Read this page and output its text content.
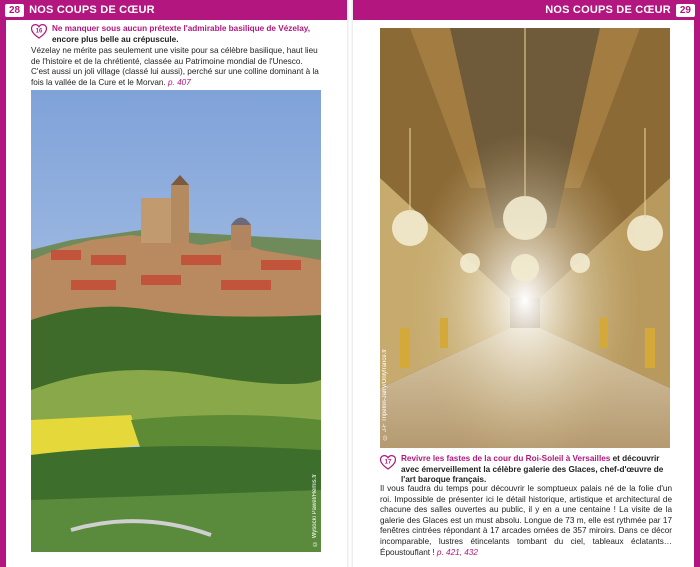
28 NOS COUPS DE CŒUR	NOS COUPS DE CŒUR 29
16 Ne manquer sous aucun prétexte l'admirable basilique de Vézelay,
encore plus belle au crépuscule.
Vézelay ne mérite pas seulement une visite pour sa célèbre basilique, haut lieu de l'histoire et de la chrétienté, classée au Patrimoine mondial de l'Unesco. C'est aussi un joli village (classé lui aussi), perché sur une colline dominant à la fois la vallée de la Cure et le Morvan. p. 407
© Wysocki Pawel/Hemis.fr
© J-F Tripelon-Jarry/Onlyfrance.fr
17 Revivre les fastes de la cour du Roi-Soleil à Versailles et découvrir avec émerveillement la célèbre galerie des Glaces, chef-d'œuvre de l'art baroque français.
Il vous faudra du temps pour découvrir le somptueux palais né de la folie d'un roi. Impossible de présenter ici le détail historique, artistique et architectural de chacune des salles ouvertes au public, il y en a une centaine ! La visite de la galerie des Glaces est un must absolu. Longue de 73 m, elle est rythmée par 17 fenêtres cintrées répondant à 17 arcades ornées de 357 miroirs. Dans ce décor incomparable, lustres étincelants tombant du ciel, tableaux éclatants… Époustouflant ! p. 421, 432
